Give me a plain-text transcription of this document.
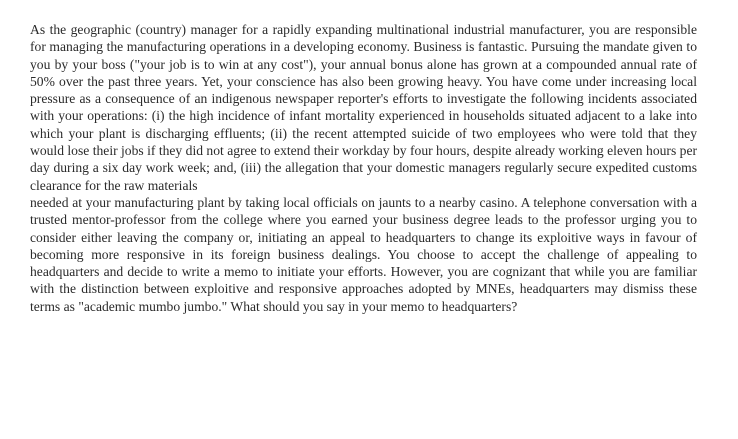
As the geographic (country) manager for a rapidly expanding multinational industrial manufacturer, you are responsible for managing the manufacturing operations in a developing economy. Business is fantastic. Pursuing the mandate given to you by your boss ("your job is to win at any cost"), your annual bonus alone has grown at a compounded annual rate of 50% over the past three years. Yet, your conscience has also been growing heavy. You have come under increasing local pressure as a consequence of an indigenous newspaper reporter's efforts to investigate the following incidents associated with your operations: (i) the high incidence of infant mortality experienced in households situated adjacent to a lake into which your plant is discharging effluents; (ii) the recent attempted suicide of two employees who were told that they would lose their jobs if they did not agree to extend their workday by four hours, despite already working eleven hours per day during a six day work week; and, (iii) the allegation that your domestic managers regularly secure expedited customs clearance for the raw materials

needed at your manufacturing plant by taking local officials on jaunts to a nearby casino. A telephone conversation with a trusted mentor-professor from the college where you earned your business degree leads to the professor urging you to consider either leaving the company or, initiating an appeal to headquarters to change its exploitive ways in favour of becoming more responsive in its foreign business dealings. You choose to accept the challenge of appealing to headquarters and decide to write a memo to initiate your efforts. However, you are cognizant that while you are familiar with the distinction between exploitive and responsive approaches adopted by MNEs, headquarters may dismiss these terms as "academic mumbo jumbo." What should you say in your memo to headquarters?
